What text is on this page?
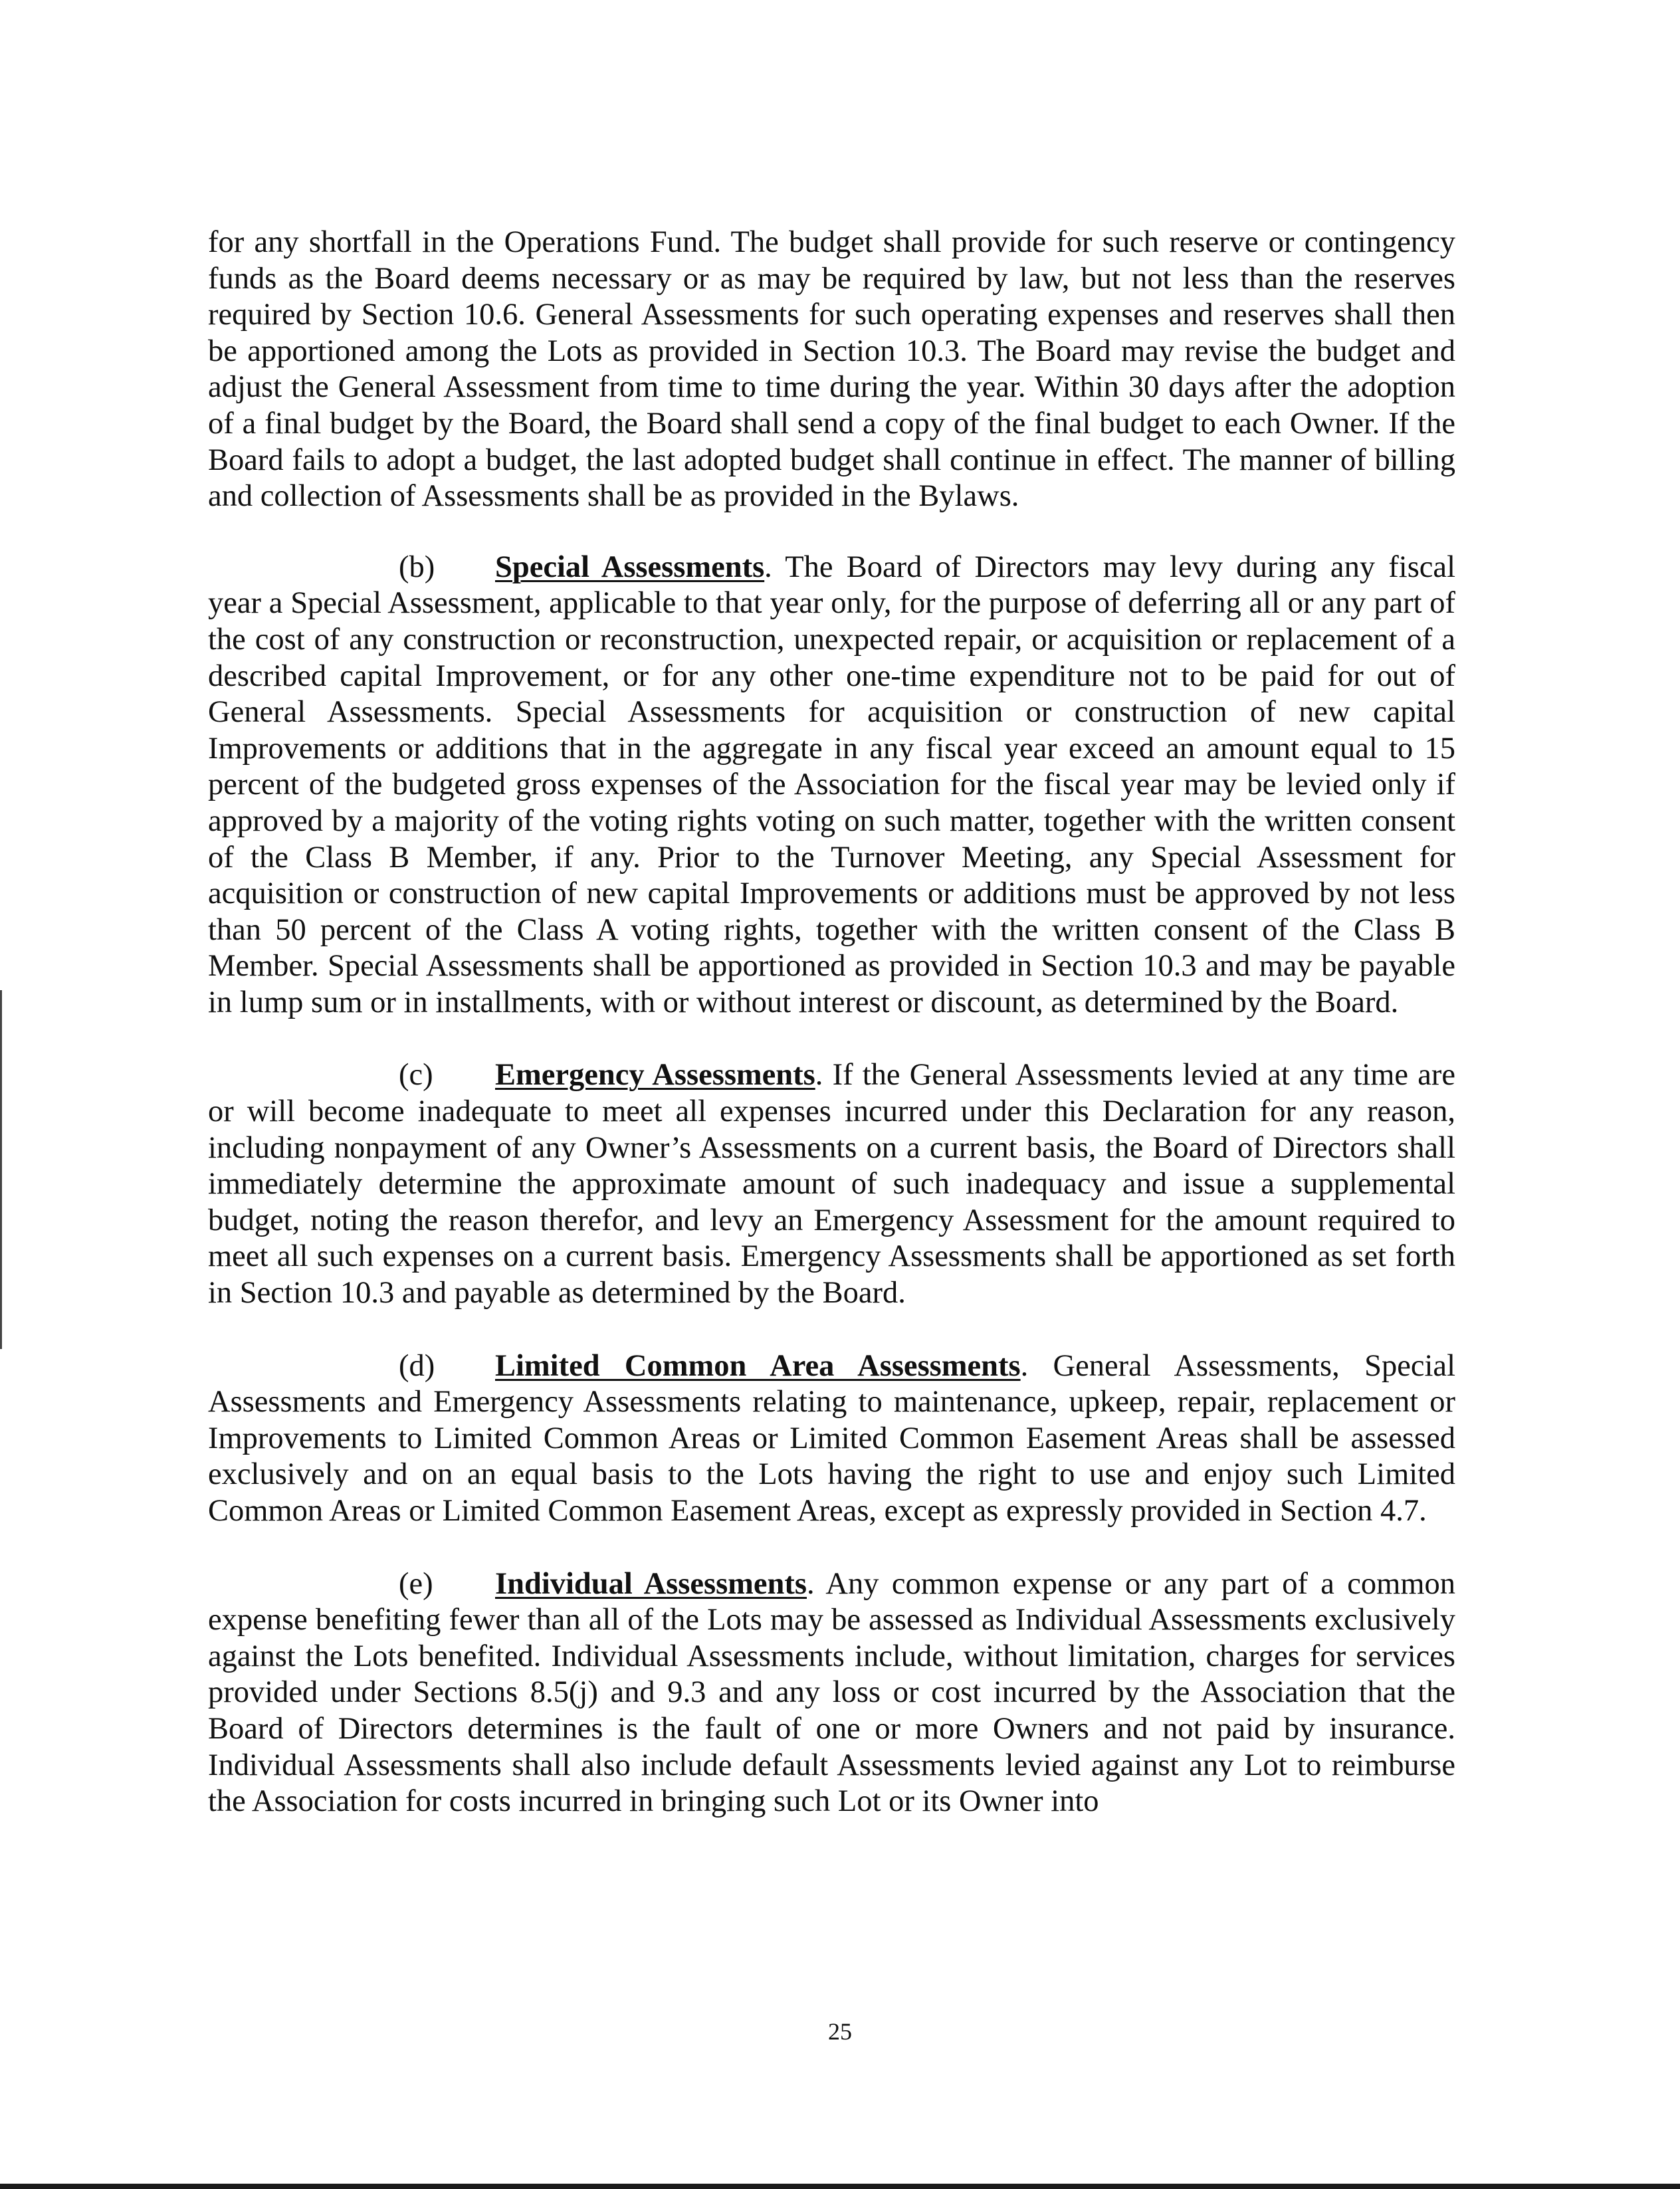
for any shortfall in the Operations Fund. The budget shall provide for such reserve or contingency funds as the Board deems necessary or as may be required by law, but not less than the reserves required by Section 10.6. General Assessments for such operating expenses and reserves shall then be apportioned among the Lots as provided in Section 10.3. The Board may revise the budget and adjust the General Assessment from time to time during the year. Within 30 days after the adoption of a final budget by the Board, the Board shall send a copy of the final budget to each Owner. If the Board fails to adopt a budget, the last adopted budget shall continue in effect. The manner of billing and collection of Assessments shall be as provided in the Bylaws.

(b) Special Assessments. The Board of Directors may levy during any fiscal year a Special Assessment, applicable to that year only, for the purpose of deferring all or any part of the cost of any construction or reconstruction, unexpected repair, or acquisition or replacement of a described capital Improvement, or for any other one-time expenditure not to be paid for out of General Assessments. Special Assessments for acquisition or construction of new capital Improvements or additions that in the aggregate in any fiscal year exceed an amount equal to 15 percent of the budgeted gross expenses of the Association for the fiscal year may be levied only if approved by a majority of the voting rights voting on such matter, together with the written consent of the Class B Member, if any. Prior to the Turnover Meeting, any Special Assessment for acquisition or construction of new capital Improvements or additions must be approved by not less than 50 percent of the Class A voting rights, together with the written consent of the Class B Member. Special Assessments shall be apportioned as provided in Section 10.3 and may be payable in lump sum or in installments, with or without interest or discount, as determined by the Board.

(c) Emergency Assessments. If the General Assessments levied at any time are or will become inadequate to meet all expenses incurred under this Declaration for any reason, including nonpayment of any Owner’s Assessments on a current basis, the Board of Directors shall immediately determine the approximate amount of such inadequacy and issue a supplemental budget, noting the reason therefor, and levy an Emergency Assessment for the amount required to meet all such expenses on a current basis. Emergency Assessments shall be apportioned as set forth in Section 10.3 and payable as determined by the Board.

(d) Limited Common Area Assessments. General Assessments, Special Assessments and Emergency Assessments relating to maintenance, upkeep, repair, replacement or Improvements to Limited Common Areas or Limited Common Easement Areas shall be assessed exclusively and on an equal basis to the Lots having the right to use and enjoy such Limited Common Areas or Limited Common Easement Areas, except as expressly provided in Section 4.7.

(e) Individual Assessments. Any common expense or any part of a common expense benefiting fewer than all of the Lots may be assessed as Individual Assessments exclusively against the Lots benefited. Individual Assessments include, without limitation, charges for services provided under Sections 8.5(j) and 9.3 and any loss or cost incurred by the Association that the Board of Directors determines is the fault of one or more Owners and not paid by insurance. Individual Assessments shall also include default Assessments levied against any Lot to reimburse the Association for costs incurred in bringing such Lot or its Owner into

25
